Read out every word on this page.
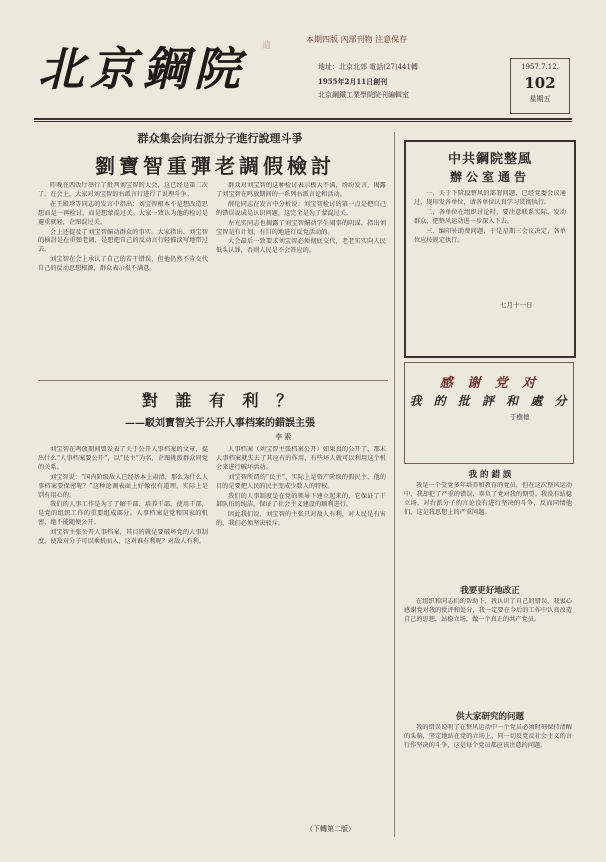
北京鋼院	遺
本期四版 內部刊物 注意保存
地址：北京北郊 電話(27)441轉
1955年2月11日創刊
北京鋼鐵工業學院院刊編輯室
1957.7.12.
102
星期五
群众集会向右派分子進行說理斗爭
劉寶智重彈老調假檢討

昨晚在西饭厅举行了批判刘宝智的大会，这已经是第二次了。在会上，大家对刘宝智的右派言行进行了说理斗争。

在王殿珍等同志的发言中指出：刘宝智根本不是想改造思想而是一再检讨，而是想蒙混过关。大家一致认为他的检讨是避重就轻，企图混过关。

会上还提及了刘宝智煽动群众的事实。大家指出，刘宝智的検討是在重弹老调，是想把自己的反动言行轻描淡写地带过去。

刘宝智在会上承认了自己的若干错误，但他仍然不肯交代自己的反动思想根源，群众表示很不满意。

群众对刘宝智的这种检讨表示极大不满，纷纷发言，揭露了刘宝智在鸣放期间的一系列右派言论和活动。

薛伦同志在发言中分析说：刘宝智检讨的第一点是把自己的错误说成是认识问题，这完全是为了蒙混过关。

左光实同志也揭露了刘宝智煽动学生闹事的阴谋，指出刘宝智是有计划、有目的地进行反党活动的。

大会最后一致要求刘宝智必须彻底交代，老老实实向人民低头认罪，否则人民是不会答应的。

對 誰 有 利 ？
——駁刘寶智关于公开人事档案的錯誤主張
李 素

刘宝智在鸣放期间曾发表了关于公开人事档案的文章，提出什么“人事档案要公开”，以“民主”为名，企图挑拨群众同党的关系。

刘宝智说：“国内阶级敌人已经基本上肃清，那么为什么人事档案要保密呢？”这种论调表面上好像很有道理，实际上是别有用心的。

我们的人事工作是为了了解干部、培养干部、使用干部，是党的组织工作的重要组成部分。人事档案是党和国家的机密，绝不能随便公开。

刘宝智主张公开人事档案，其目的就是要破坏党的人事制度，使敌对分子可以乘机而入，这对谁有利呢？对敌人有利。

人事档案（刘宝智主张档案公开）如果真的公开了，那末人事档案就失去了其应有的作用，有些坏人就可以利用这个机会来进行破坏活动。

刘宝智所谓的“民主”，实际上是资产阶级的假民主，他的目的是要把人民的民主变成少数人的特权。

我们的人事制度是在党的领导下建立起来的，它保证了干部队伍的纯洁，保证了社会主义建设的顺利进行。

因此我们说，刘宝智的主张只对敌人有利，对人民是有害的，我们必须坚决驳斥。

（下轉第二版）
中共鋼院整風
辦公室通告

一、关于下阶段整风的部署问题，已经党委会议通过，现印发各单位，请各单位认真学习贯彻执行。

二、各单位在组织讨论时，要注意联系实际，发动群众，把整风运动进一步深入下去。

三、编印补助费问题，于是星期三会议决定，各单位应按规定执行。

七月十一日
感 谢 党 对
我 的 批 評 和 處 分
于樹德
我 的 錯 誤

我是一个受党多年培养和教育的党员，但在这次整风运动中，我却犯了严重的错误，辜负了党对我的期望。我没有站稳立场，对右派分子的言论没有进行坚决的斗争，反而同情他们，这是我思想上的严重问题。

我要更好地改正

在组织和同志们的帮助下，我认识了自己的错误，我衷心感谢党对我的批评和处分，我一定要在今后的工作中认真改造自己的思想，站稳立场，做一个真正的共产党员。

供大家研究的问题

我的错误说明了在整风运动中一个党员必须时刻保持清醒的头脑，坚定地站在党的立场上，同一切反党反社会主义的言行作坚决的斗争，这是每个党员都应该注意的问题。
